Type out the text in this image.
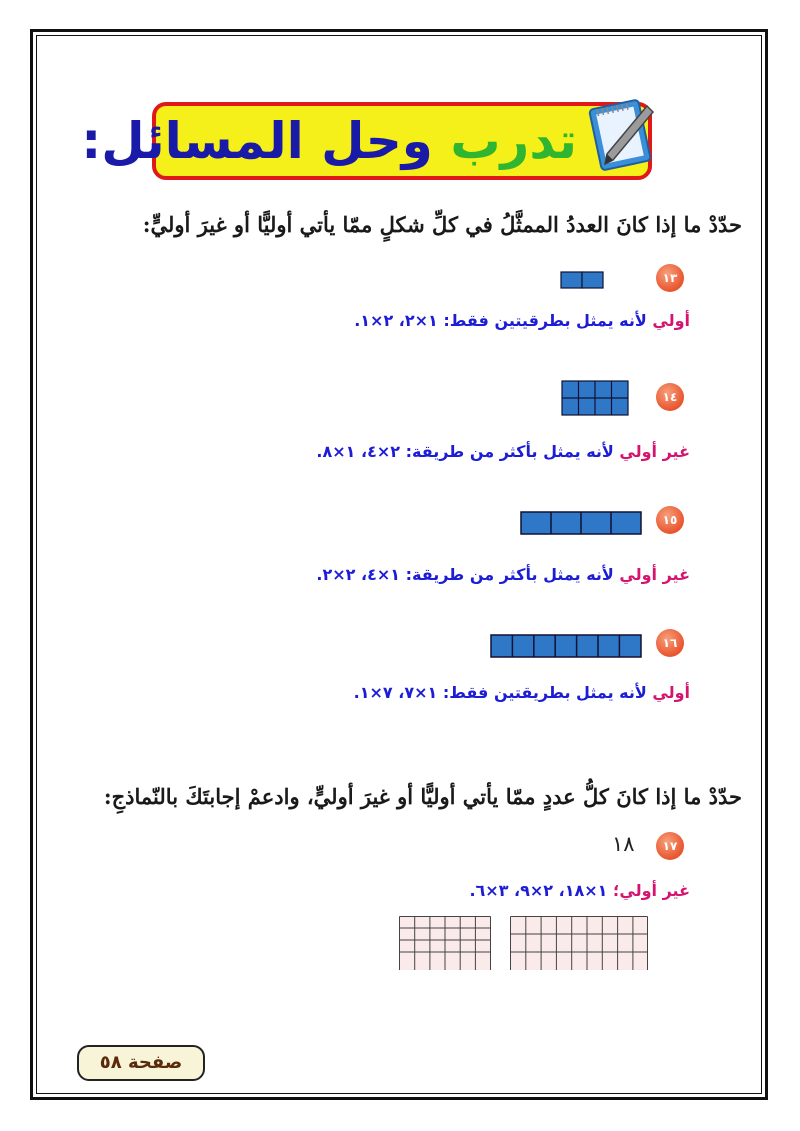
تدرب وحل المسائل:
حدّدْ ما إذا كانَ العددُ الممثَّلُ في كلِّ شكلٍ ممّا يأتي أوليًّا أو غيرَ أوليٍّ:
١٣
أولي لأنه يمثل بطرقيتين فقط: ١×٢، ٢×١.
١٤
غير أولي لأنه يمثل بأكثر من طريقة: ٢×٤، ١×٨.
١٥
غير أولي لأنه يمثل بأكثر من طريقة: ١×٤، ٢×٢.
١٦
أولي لأنه يمثل بطريقتين فقط: ١×٧، ٧×١.
حدّدْ ما إذا كانَ كلُّ عددٍ ممّا يأتي أوليًّا أو غيرَ أوليٍّ، وادعمْ إجابتَكَ بالنّماذجِ:
١٧
١٨
غير أولي؛ ١×١٨، ٢×٩، ٣×٦.
صفحة ٥٨
